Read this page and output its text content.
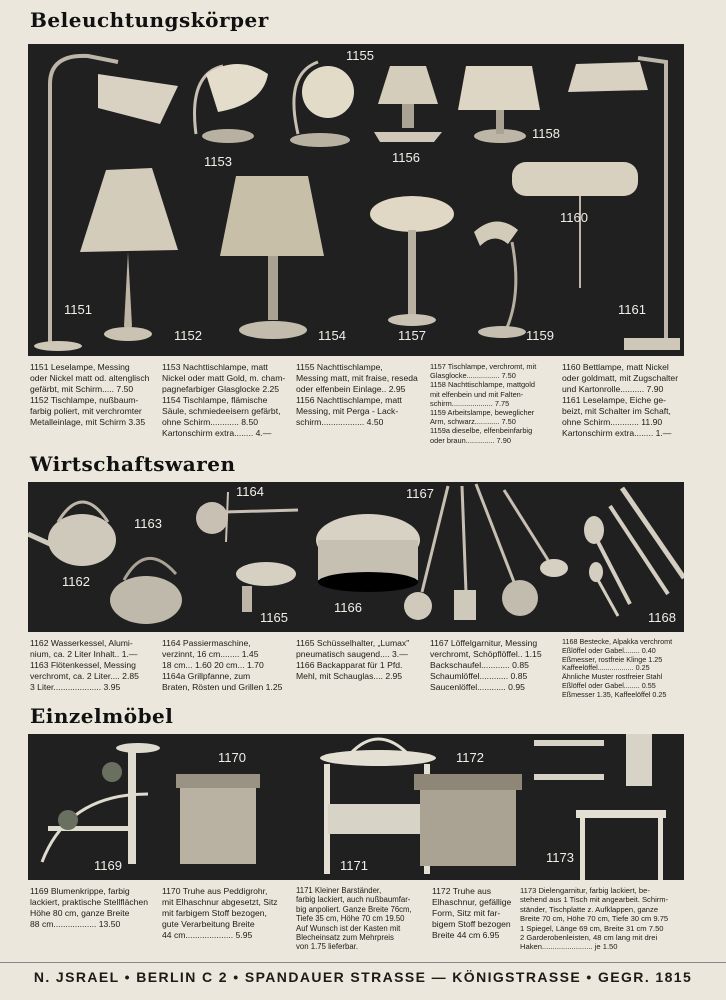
Beleuchtungskörper
Wirtschaftswaren
Einzelmöbel
1151
1152
1153
1154
1155
1156
1157
1158
1159
1160
1161
1151 Leselampe, Messing
oder Nickel matt od. altenglisch
gefärbt, mit Schirm..... 7.50
1152 Tischlampe, nußbaum-
farbig poliert, mit verchromter
Metalleinlage, mit Schirm 3.35
1153 Nachttischlampe, matt
Nickel oder matt Gold, m. cham-
pagnefarbiger Glasglocke 2.25
1154 Tischlampe, flämische
Säule, schmiedeeisern gefärbt,
ohne Schirm............ 8.50
Kartonschirm extra........ 4.—
1155 Nachttischlampe,
Messing matt, mit fraise, reseda
oder elfenbein Einlage.. 2.95
1156 Nachttischlampe, matt
Messing, mit Perga - Lack-
schirm.................. 4.50
1157 Tischlampe, verchromt, mit
Glasglocke................ 7.50
1158 Nachttischlampe, mattgold
mit elfenbein und mit Falten-
schirm.................... 7.75
1159 Arbeitslampe, beweglicher
Arm, schwarz............ 7.50
1159a dieselbe, elfenbeinfarbig
oder braun.............. 7.90
1160 Bettlampe, matt Nickel
oder goldmatt, mit Zugschalter
und Kartonrolle.......... 7.90
1161 Leselampe, Eiche ge-
beizt, mit Schalter im Schaft,
ohne Schirm............ 11.90
Kartonschirm extra........ 1.—
1162
1163
1164
1165
1166
1167
1168
1162 Wasserkessel, Alumi-
nium, ca. 2 Liter Inhalt.. 1.—
1163 Flötenkessel, Messing
verchromt, ca. 2 Liter.... 2.85
3 Liter.................... 3.95
1164 Passiermaschine,
verzinnt, 16 cm........ 1.45
18 cm... 1.60 20 cm... 1.70
1164a Grillpfanne, zum
Braten, Rösten und Grillen 1.25
1165 Schüsselhalter, „Lumax"
pneumatisch saugend.... 3.—
1166 Backapparat für 1 Pfd.
Mehl, mit Schauglas.... 2.95
1167 Löffelgarnitur, Messing
verchromt, Schöpflöffel.. 1.15
Backschaufel............ 0.85
Schaumlöffel............ 0.85
Saucenlöffel............ 0.95
1168 Bestecke, Alpakka verchromt
Eßlöffel oder Gabel........ 0.40
Eßmesser, rostfreie Klinge 1.25
Kaffeelöffel.................. 0.25
Ähnliche Muster rostfreier Stahl
Eßlöffel oder Gabel........ 0.55
Eßmesser 1.35, Kaffeelöffel 0.25
1169
1170
1171
1172
1173
1169 Blumenkrippe, farbig
lackiert, praktische Stellflächen
Höhe 80 cm, ganze Breite
88 cm.................. 13.50
1170 Truhe aus Peddigrohr,
mit Elhaschnur abgesetzt, Sitz
mit farbigem Stoff bezogen,
gute Verarbeitung Breite
44 cm.................... 5.95
1171 Kleiner Barständer,
farbig lackiert, auch nußbaumfar-
big anpoliert. Ganze Breite 76cm,
Tiefe 35 cm, Höhe 70 cm 19.50
Auf Wunsch ist der Kasten mit
Blecheinsatz zum Mehrpreis
von 1.75 lieferbar.
1172 Truhe aus
Elhaschnur, gefällige
Form, Sitz mit far-
bigem Stoff bezogen
Breite 44 cm 6.95
1173 Dielengarnitur, farbig lackiert, be-
stehend aus 1 Tisch mit angearbeit. Schirm-
ständer, Tischplatte z. Aufklappen, ganze
Breite 70 cm, Höhe 70 cm, Tiefe 30 cm 9.75
1 Spiegel, Länge 69 cm, Breite 31 cm 7.50
2 Garderobenleisten, 48 cm lang mit drei
Haken........................ je 1.50
N. JSRAEL • BERLIN C 2 • SPANDAUER STRASSE — KÖNIGSTRASSE • GEGR. 1815
